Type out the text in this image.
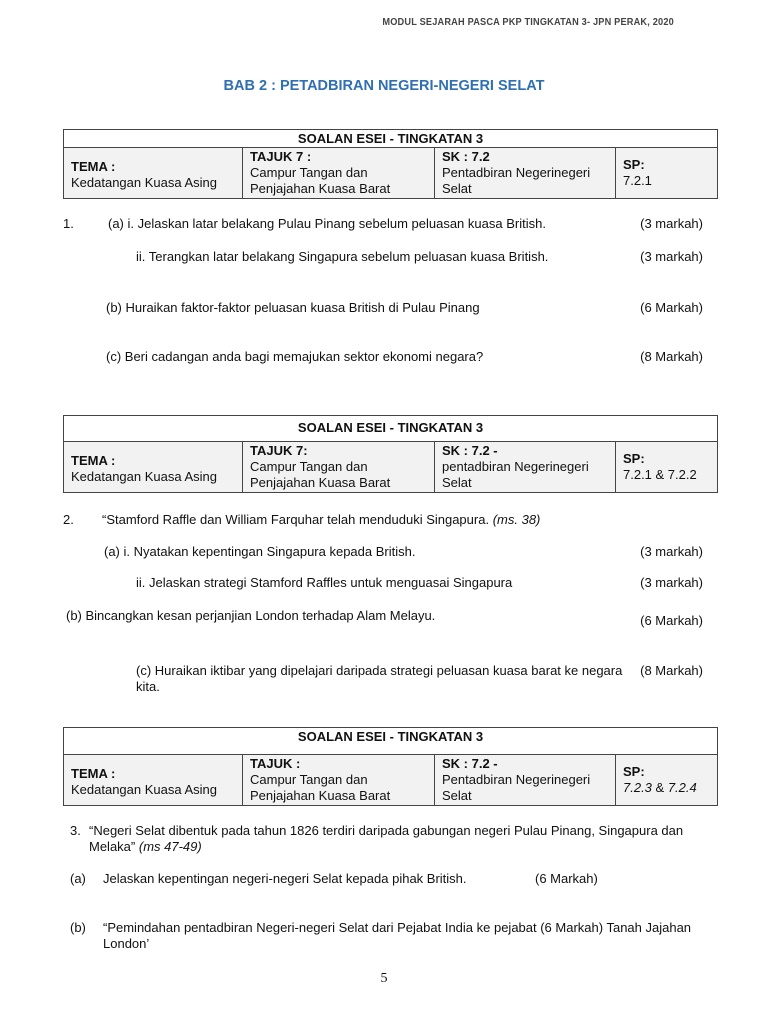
MODUL SEJARAH PASCA PKP TINGKATAN 3- JPN PERAK, 2020
BAB 2 : PETADBIRAN NEGERI-NEGERI SELAT
SOALAN ESEI - TINGKATAN 3

TEMA :
Kedatangan Kuasa Asing	
TAJUK 7 :
Campur Tangan dan Penjajahan Kuasa Barat	
SK : 7.2
Pentadbiran Negerinegeri Selat	
SP:
7.2.1
1.	(a) i. Jelaskan latar belakang Pulau Pinang sebelum peluasan kuasa British.	(3 markah)
ii. Terangkan latar belakang Singapura sebelum peluasan kuasa British.	(3 markah)
(b) Huraikan faktor-faktor peluasan kuasa British di Pulau Pinang	(6 Markah)
(c) Beri cadangan anda bagi memajukan sektor ekonomi negara?	(8 Markah)
SOALAN ESEI - TINGKATAN 3

TEMA :
Kedatangan Kuasa Asing	
TAJUK 7:
Campur Tangan dan Penjajahan Kuasa Barat	
SK : 7.2 -
pentadbiran Negerinegeri Selat	
SP:
7.2.1 & 7.2.2
2. “Stamford Raffle dan William Farquhar telah menduduki Singapura. (ms. 38)
(a) i. Nyatakan kepentingan Singapura kepada British.	(3 markah)
ii. Jelaskan strategi Stamford Raffles untuk menguasai Singapura	(3 markah)
(b) Bincangkan kesan perjanjian London terhadap Alam Melayu.	(6 Markah)
(c) Huraikan iktibar yang dipelajari daripada strategi peluasan kuasa barat ke negara kita.
(8 Markah)
SOALAN ESEI - TINGKATAN 3

TEMA :
Kedatangan Kuasa Asing	
TAJUK :
Campur Tangan dan Penjajahan Kuasa Barat	
SK : 7.2 -
Pentadbiran Negerinegeri Selat	
SP:
7.2.3 & 7.2.4
3. “Negeri Selat dibentuk pada tahun 1826 terdiri daripada gabungan negeri Pulau Pinang, Singapura dan Melaka” (ms 47-49)
(a) Jelaskan kepentingan negeri-negeri Selat kepada pihak British.	(6 Markah)
(b) “Pemindahan pentadbiran Negeri-negeri Selat dari Pejabat India ke pejabat (6 Markah) Tanah Jajahan London’
5
